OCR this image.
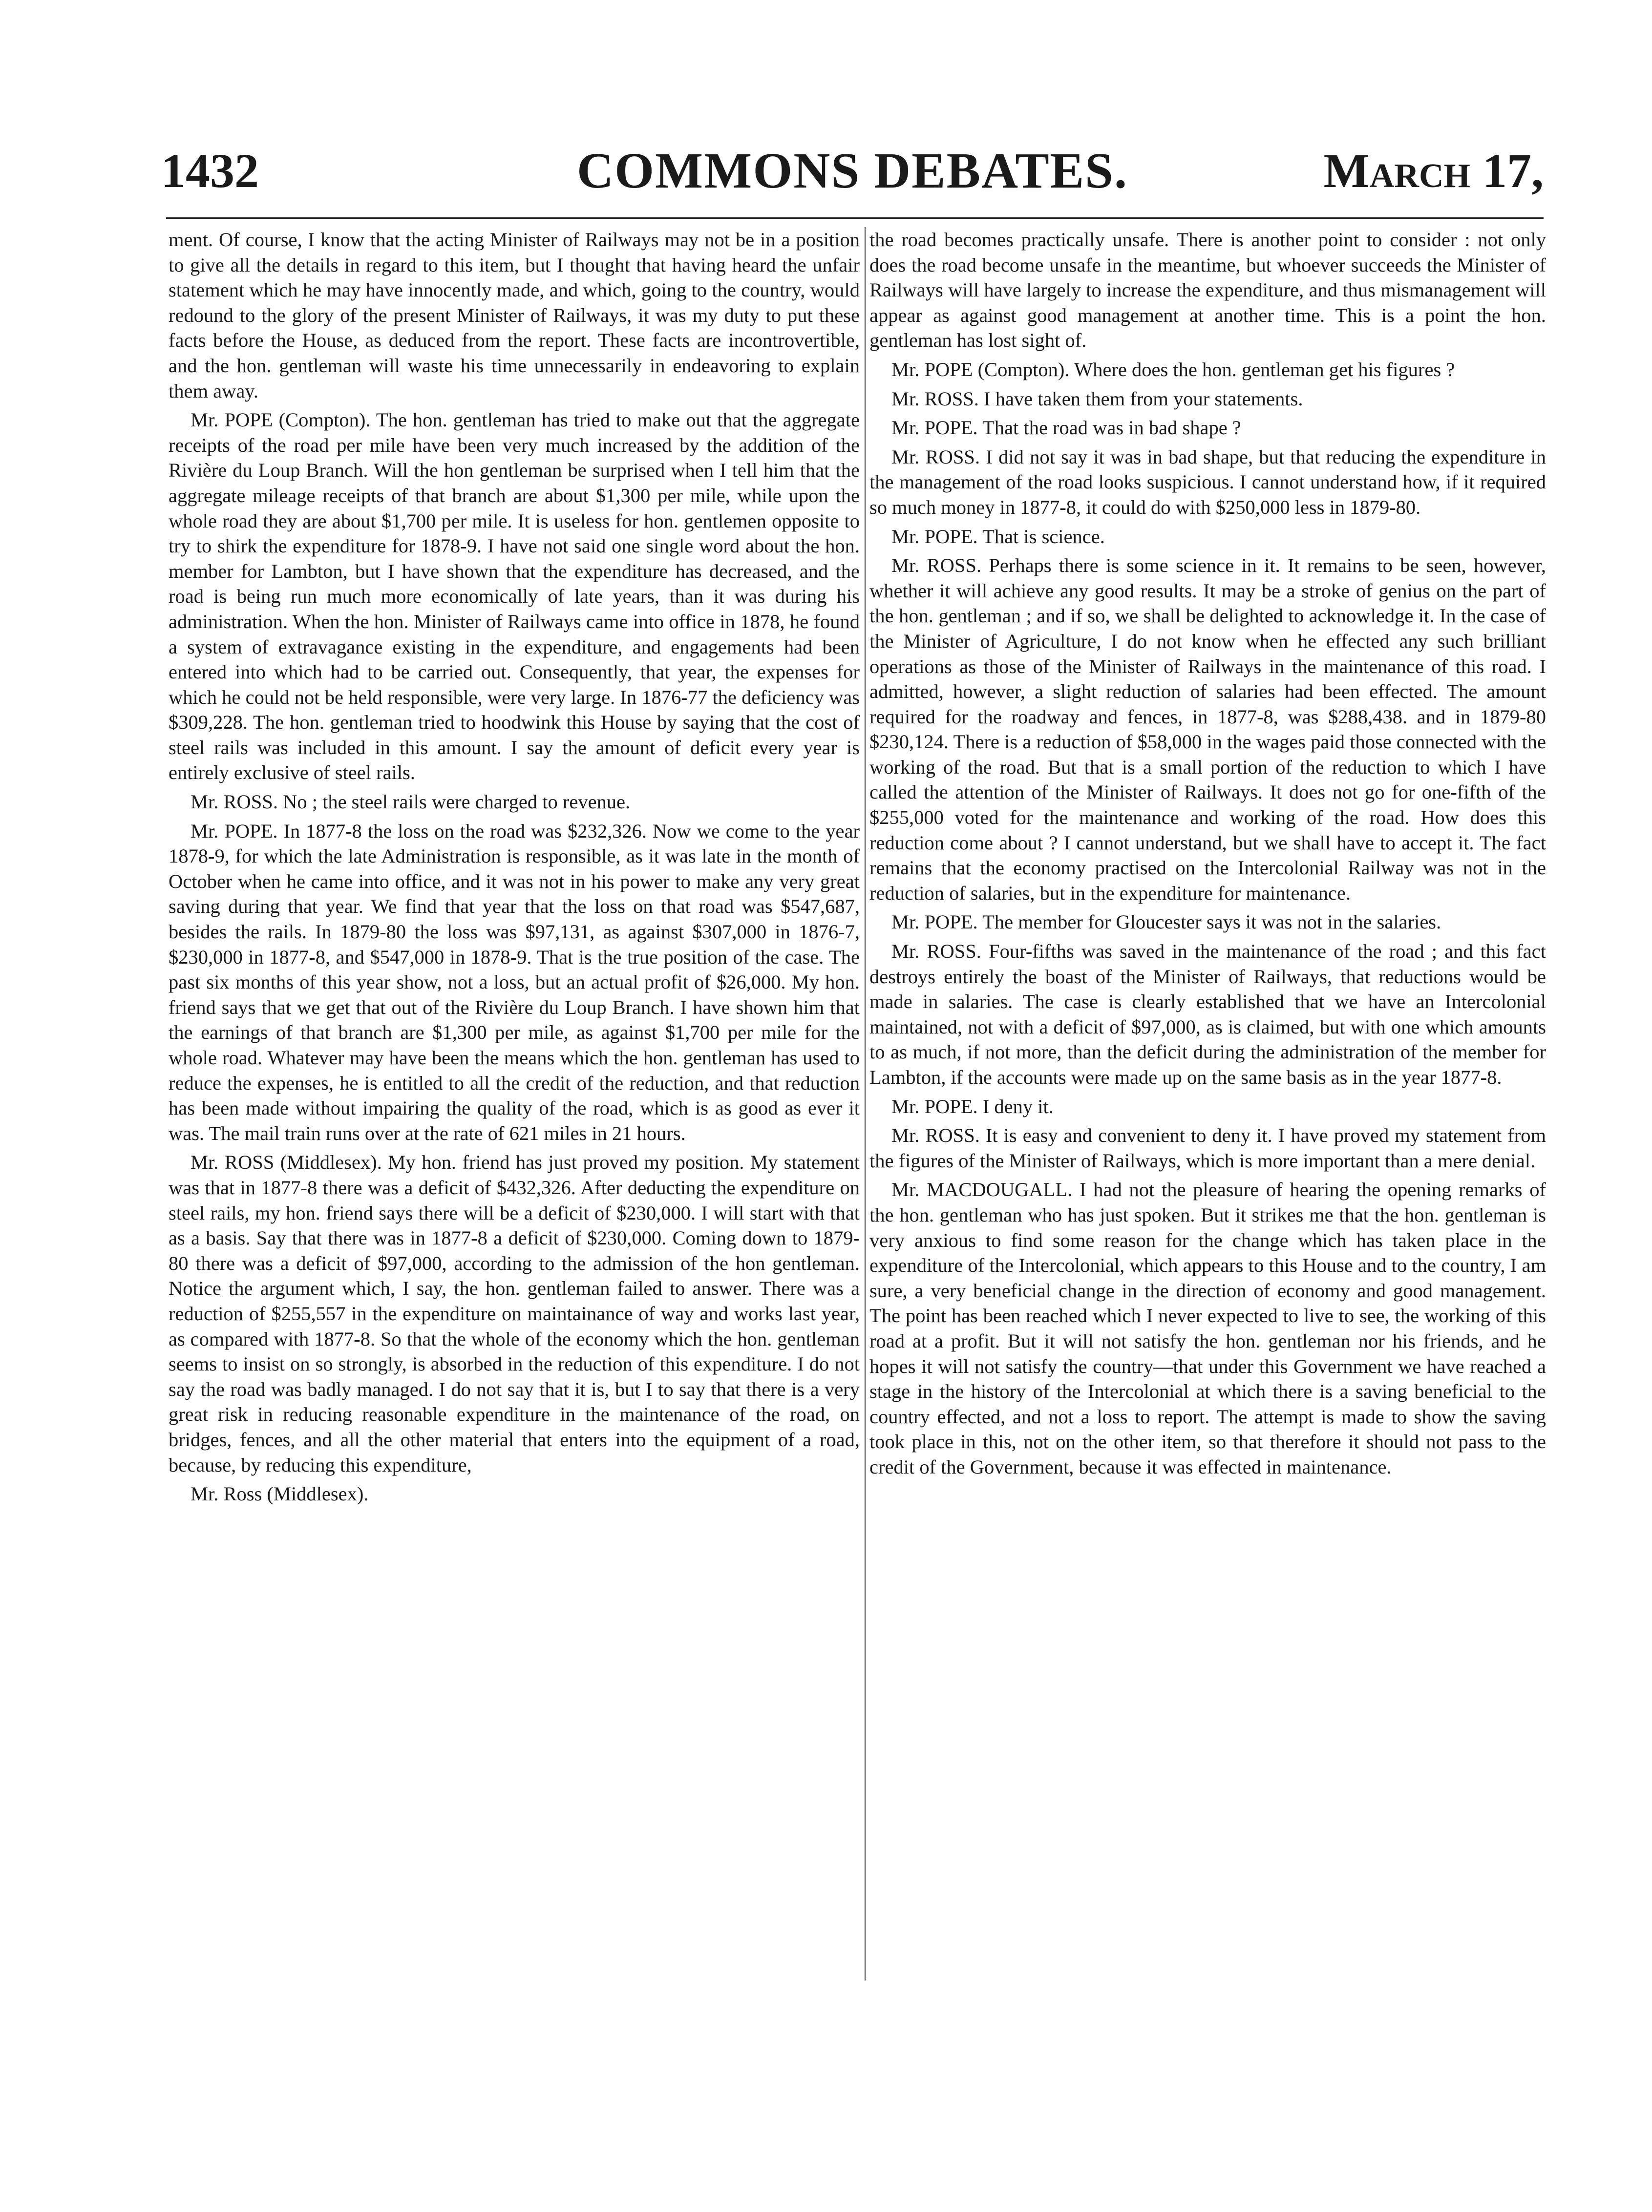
1432	COMMONS DEBATES.	March 17,

ment. Of course, I know that the acting Minister of Railways may not be in a position to give all the details in regard to this item, but I thought that having heard the unfair statement which he may have innocently made, and which, going to the country, would redound to the glory of the present Minister of Railways, it was my duty to put these facts before the House, as deduced from the report. These facts are incontrovertible, and the hon. gentleman will waste his time unnecessarily in endeavoring to explain them away.

Mr. POPE (Compton). The hon. gentleman has tried to make out that the aggregate receipts of the road per mile have been very much increased by the addition of the Rivière du Loup Branch. Will the hon gentleman be surprised when I tell him that the aggregate mileage receipts of that branch are about $1,300 per mile, while upon the whole road they are about $1,700 per mile. It is useless for hon. gentlemen opposite to try to shirk the expenditure for 1878-9. I have not said one single word about the hon. member for Lambton, but I have shown that the expenditure has decreased, and the road is being run much more economically of late years, than it was during his administration. When the hon. Minister of Railways came into office in 1878, he found a system of extravagance existing in the expenditure, and engagements had been entered into which had to be carried out. Consequently, that year, the expenses for which he could not be held responsible, were very large. In 1876-77 the deficiency was $309,228. The hon. gentleman tried to hoodwink this House by saying that the cost of steel rails was included in this amount. I say the amount of deficit every year is entirely exclusive of steel rails.

Mr. ROSS. No ; the steel rails were charged to revenue.

Mr. POPE. In 1877-8 the loss on the road was $232,326. Now we come to the year 1878-9, for which the late Administration is responsible, as it was late in the month of October when he came into office, and it was not in his power to make any very great saving during that year. We find that year that the loss on that road was $547,687, besides the rails. In 1879-80 the loss was $97,131, as against $307,000 in 1876-7, $230,000 in 1877-8, and $547,000 in 1878-9. That is the true position of the case. The past six months of this year show, not a loss, but an actual profit of $26,000. My hon. friend says that we get that out of the Rivière du Loup Branch. I have shown him that the earnings of that branch are $1,300 per mile, as against $1,700 per mile for the whole road. Whatever may have been the means which the hon. gentleman has used to reduce the expenses, he is entitled to all the credit of the reduction, and that reduction has been made without impairing the quality of the road, which is as good as ever it was. The mail train runs over at the rate of 621 miles in 21 hours.

Mr. ROSS (Middlesex). My hon. friend has just proved my position. My statement was that in 1877-8 there was a deficit of $432,326. After deducting the expenditure on steel rails, my hon. friend says there will be a deficit of $230,000. I will start with that as a basis. Say that there was in 1877-8 a deficit of $230,000. Coming down to 1879-80 there was a deficit of $97,000, according to the admission of the hon gentleman. Notice the argument which, I say, the hon. gentleman failed to answer. There was a reduction of $255,557 in the expenditure on maintainance of way and works last year, as compared with 1877-8. So that the whole of the economy which the hon. gentleman seems to insist on so strongly, is absorbed in the reduction of this expenditure. I do not say the road was badly managed. I do not say that it is, but I to say that there is a very great risk in reducing reasonable expenditure in the maintenance of the road, on bridges, fences, and all the other material that enters into the equipment of a road, because, by reducing this expenditure,

Mr. Ross (Middlesex).

the road becomes practically unsafe. There is another point to consider : not only does the road become unsafe in the meantime, but whoever succeeds the Minister of Railways will have largely to increase the expenditure, and thus mismanagement will appear as against good management at another time. This is a point the hon. gentleman has lost sight of.

Mr. POPE (Compton). Where does the hon. gentleman get his figures ?

Mr. ROSS. I have taken them from your statements.

Mr. POPE. That the road was in bad shape ?

Mr. ROSS. I did not say it was in bad shape, but that reducing the expenditure in the management of the road looks suspicious. I cannot understand how, if it required so much money in 1877-8, it could do with $250,000 less in 1879-80.

Mr. POPE. That is science.

Mr. ROSS. Perhaps there is some science in it. It remains to be seen, however, whether it will achieve any good results. It may be a stroke of genius on the part of the hon. gentleman ; and if so, we shall be delighted to acknowledge it. In the case of the Minister of Agriculture, I do not know when he effected any such brilliant operations as those of the Minister of Railways in the maintenance of this road. I admitted, however, a slight reduction of salaries had been effected. The amount required for the roadway and fences, in 1877-8, was $288,438. and in 1879-80 $230,124. There is a reduction of $58,000 in the wages paid those connected with the working of the road. But that is a small portion of the reduction to which I have called the attention of the Minister of Railways. It does not go for one-fifth of the $255,000 voted for the maintenance and working of the road. How does this reduction come about ? I cannot understand, but we shall have to accept it. The fact remains that the economy practised on the Intercolonial Railway was not in the reduction of salaries, but in the expenditure for maintenance.

Mr. POPE. The member for Gloucester says it was not in the salaries.

Mr. ROSS. Four-fifths was saved in the maintenance of the road ; and this fact destroys entirely the boast of the Minister of Railways, that reductions would be made in salaries. The case is clearly established that we have an Intercolonial maintained, not with a deficit of $97,000, as is claimed, but with one which amounts to as much, if not more, than the deficit during the administration of the member for Lambton, if the accounts were made up on the same basis as in the year 1877-8.

Mr. POPE. I deny it.

Mr. ROSS. It is easy and convenient to deny it. I have proved my statement from the figures of the Minister of Railways, which is more important than a mere denial.

Mr. MACDOUGALL. I had not the pleasure of hearing the opening remarks of the hon. gentleman who has just spoken. But it strikes me that the hon. gentleman is very anxious to find some reason for the change which has taken place in the expenditure of the Intercolonial, which appears to this House and to the country, I am sure, a very beneficial change in the direction of economy and good management. The point has been reached which I never expected to live to see, the working of this road at a profit. But it will not satisfy the hon. gentleman nor his friends, and he hopes it will not satisfy the country—that under this Government we have reached a stage in the history of the Intercolonial at which there is a saving beneficial to the country effected, and not a loss to report. The attempt is made to show the saving took place in this, not on the other item, so that therefore it should not pass to the credit of the Government, because it was effected in maintenance.
